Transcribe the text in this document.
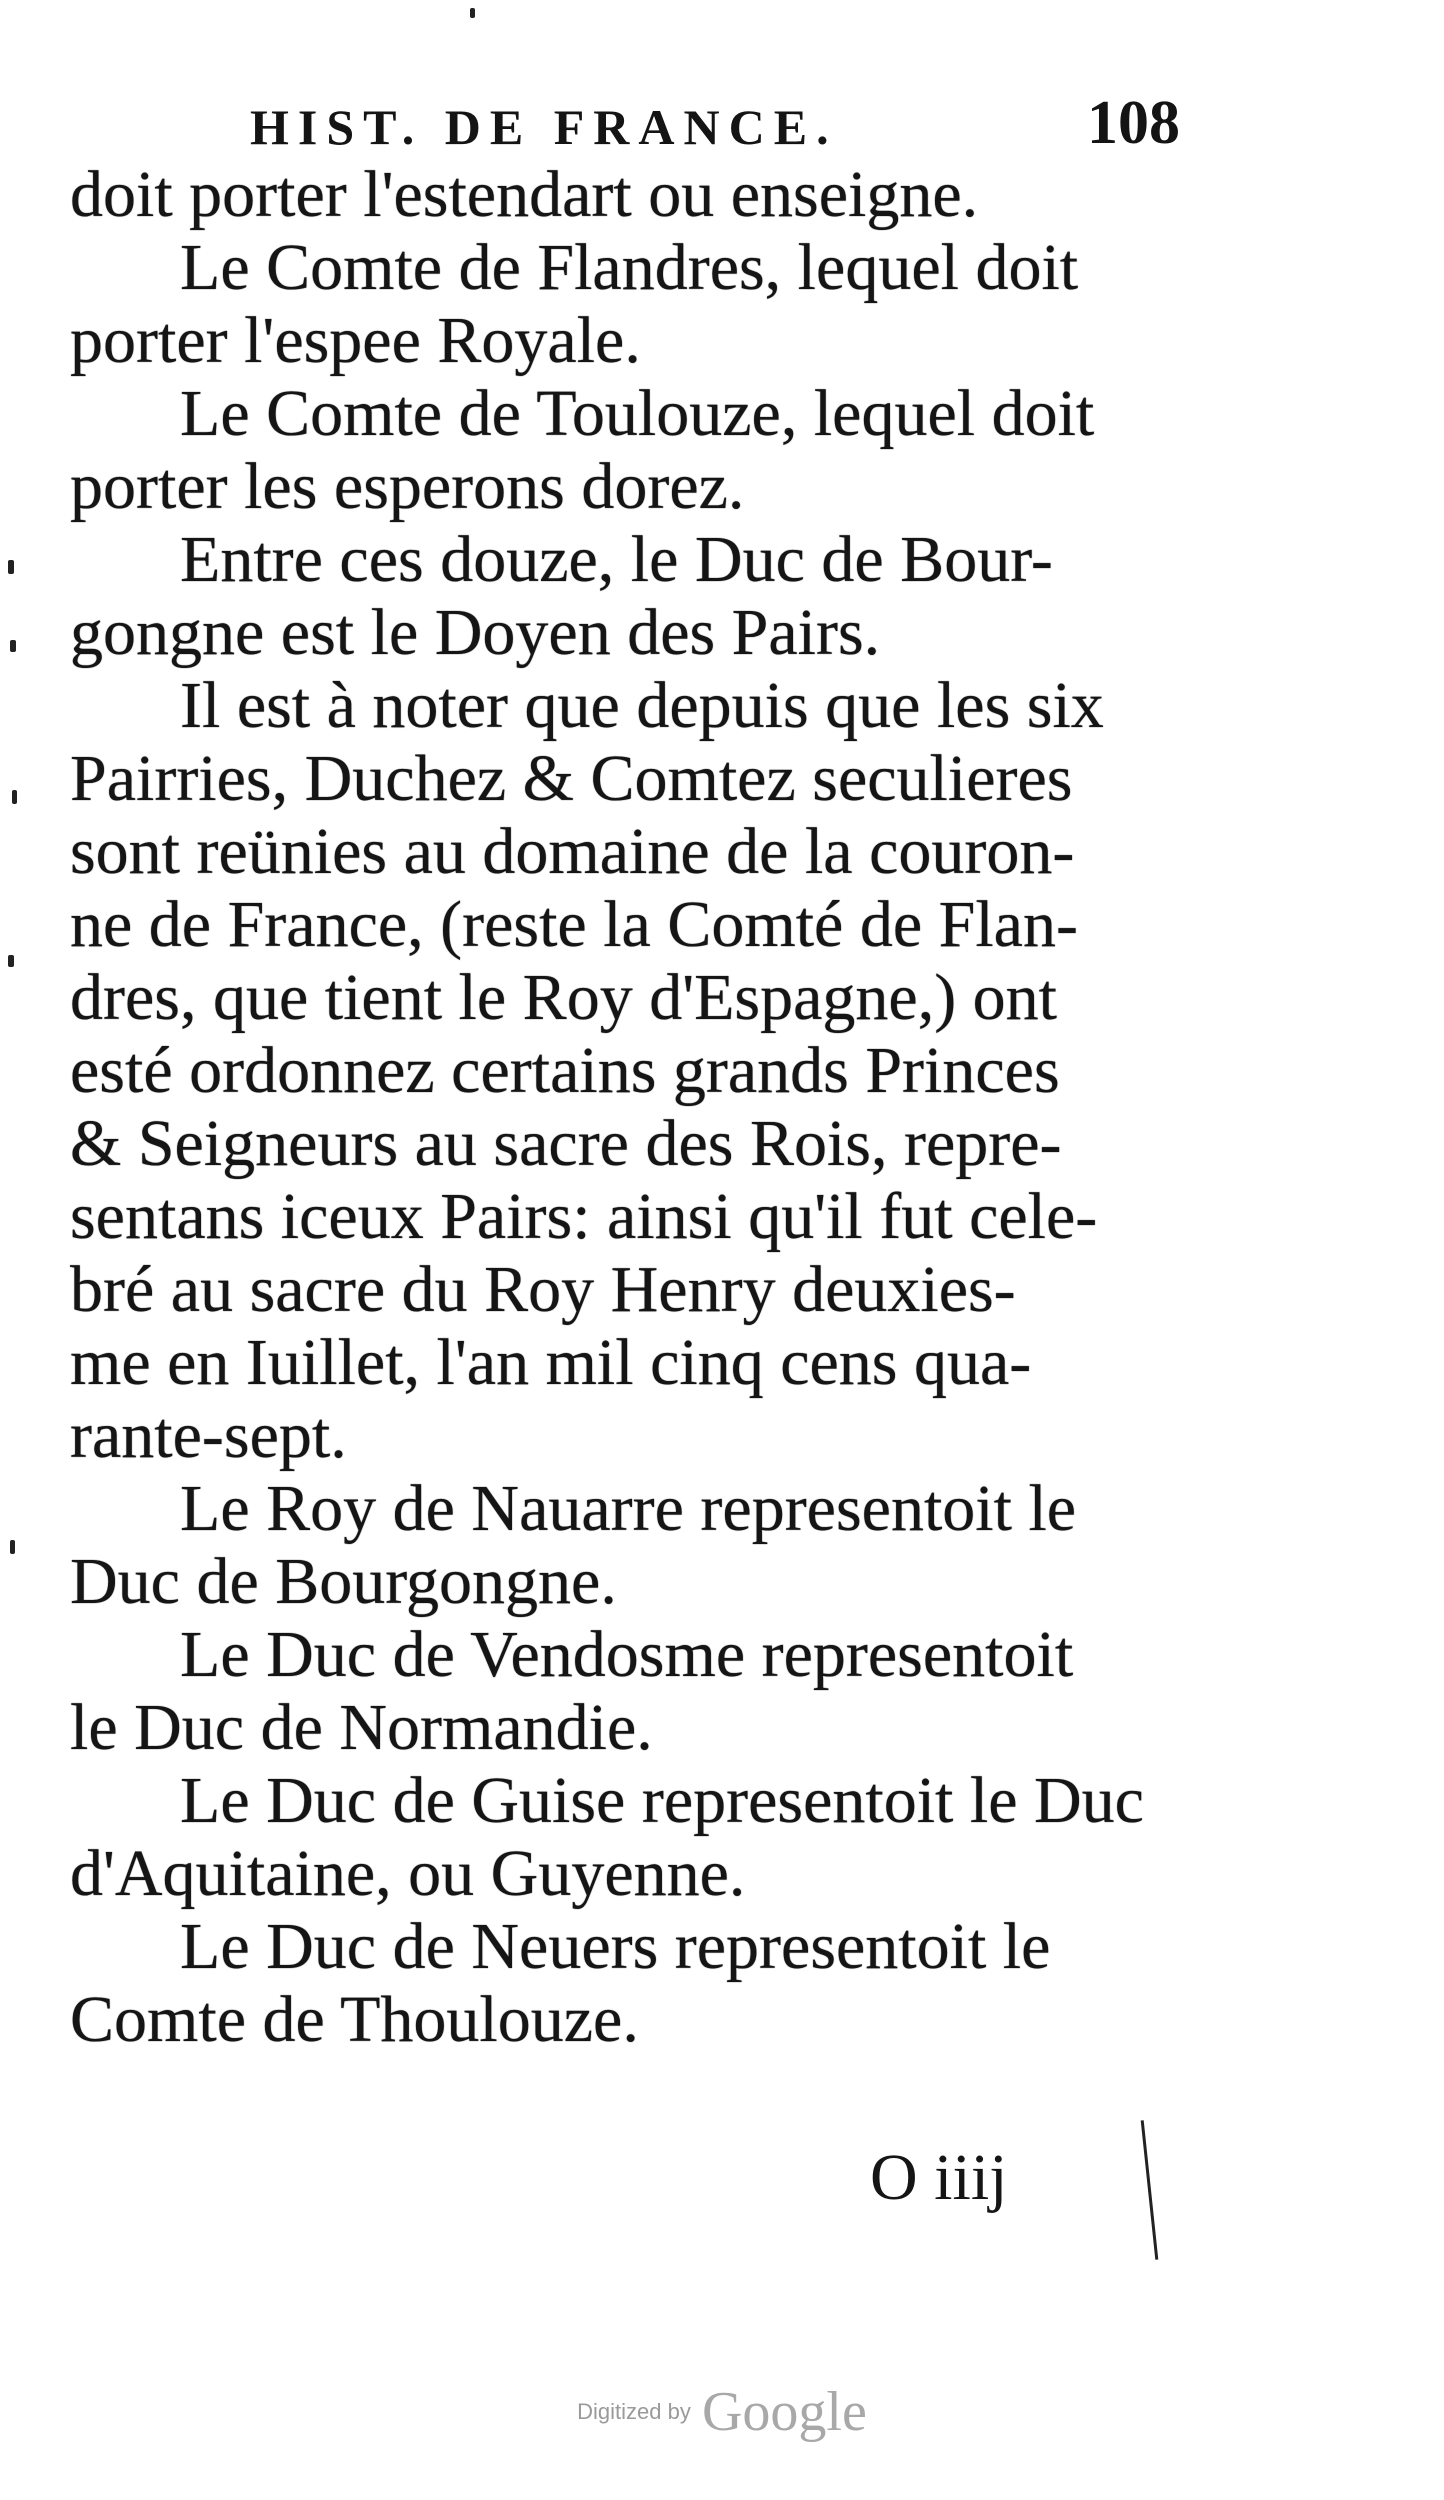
HIST. DE FRANCE.	108
doit porter l'estendart ou enseigne.
Le Comte de Flandres, lequel doit
porter l'espee Royale.
Le Comte de Toulouze, lequel doit
porter les esperons dorez.
Entre ces douze, le Duc de Bour-
gongne est le Doyen des Pairs.
Il est à noter que depuis que les six
Pairries, Duchez & Comtez seculieres
sont reünies au domaine de la couron-
ne de France, (reste la Comté de Flan-
dres, que tient le Roy d'Espagne,) ont
esté ordonnez certains grands Princes
& Seigneurs au sacre des Rois, repre-
sentans iceux Pairs: ainsi qu'il fut cele-
bré au sacre du Roy Henry deuxies-
me en Iuillet, l'an mil cinq cens qua-
rante-sept.
Le Roy de Nauarre representoit le
Duc de Bourgongne.
Le Duc de Vendosme representoit
le Duc de Normandie.
Le Duc de Guise representoit le Duc
d'Aquitaine, ou Guyenne.
Le Duc de Neuers representoit le
Comte de Thoulouze.
O iiij
Digitized by Google
